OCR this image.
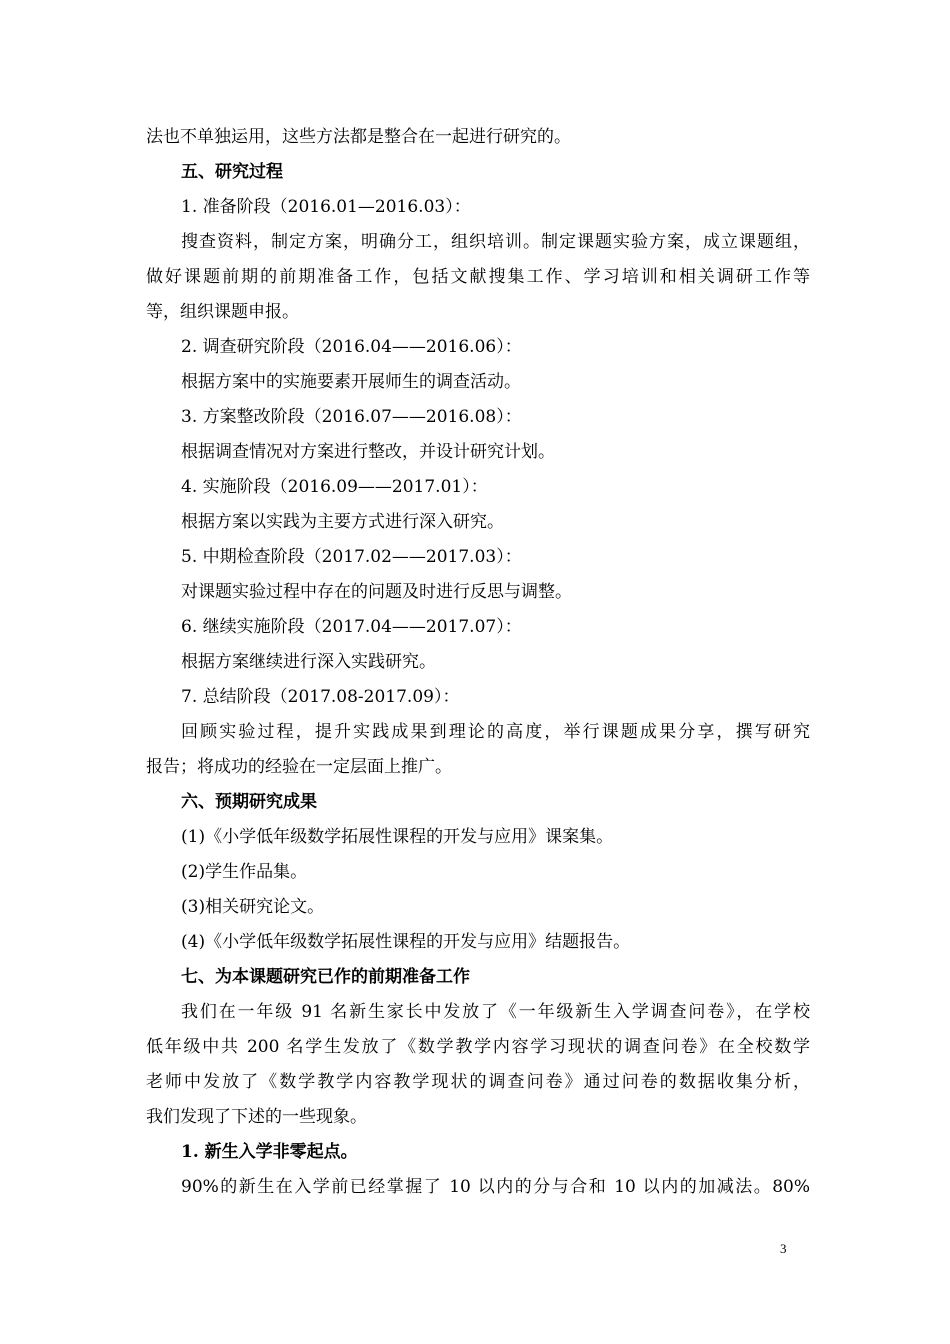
法也不单独运用，这些方法都是整合在一起进行研究的。
五、研究过程
1. 准备阶段（2016.01—2016.03）：
搜查资料，制定方案，明确分工，组织培训。制定课题实验方案，成立课题组，
做好课题前期的前期准备工作，包括文献搜集工作、学习培训和相关调研工作等
等，组织课题申报。
2. 调查研究阶段（2016.04——2016.06）：
根据方案中的实施要素开展师生的调查活动。
3. 方案整改阶段（2016.07——2016.08）：
根据调查情况对方案进行整改，并设计研究计划。
4. 实施阶段（2016.09——2017.01）：
根据方案以实践为主要方式进行深入研究。
5. 中期检查阶段（2017.02——2017.03）：
对课题实验过程中存在的问题及时进行反思与调整。
6. 继续实施阶段（2017.04——2017.07）：
根据方案继续进行深入实践研究。
7. 总结阶段（2017.08-2017.09）：
回顾实验过程，提升实践成果到理论的高度，举行课题成果分享，撰写研究
报告；将成功的经验在一定层面上推广。
六、预期研究成果
(1)《小学低年级数学拓展性课程的开发与应用》课案集。
(2)学生作品集。
(3)相关研究论文。
(4)《小学低年级数学拓展性课程的开发与应用》结题报告。
七、为本课题研究已作的前期准备工作
我们在一年级 91 名新生家长中发放了《一年级新生入学调查问卷》，在学校
低年级中共 200 名学生发放了《数学教学内容学习现状的调查问卷》在全校数学
老师中发放了《数学教学内容教学现状的调查问卷》通过问卷的数据收集分析，
我们发现了下述的一些现象。
1. 新生入学非零起点。
90%的新生在入学前已经掌握了 10 以内的分与合和 10 以内的加减法。80%
3
